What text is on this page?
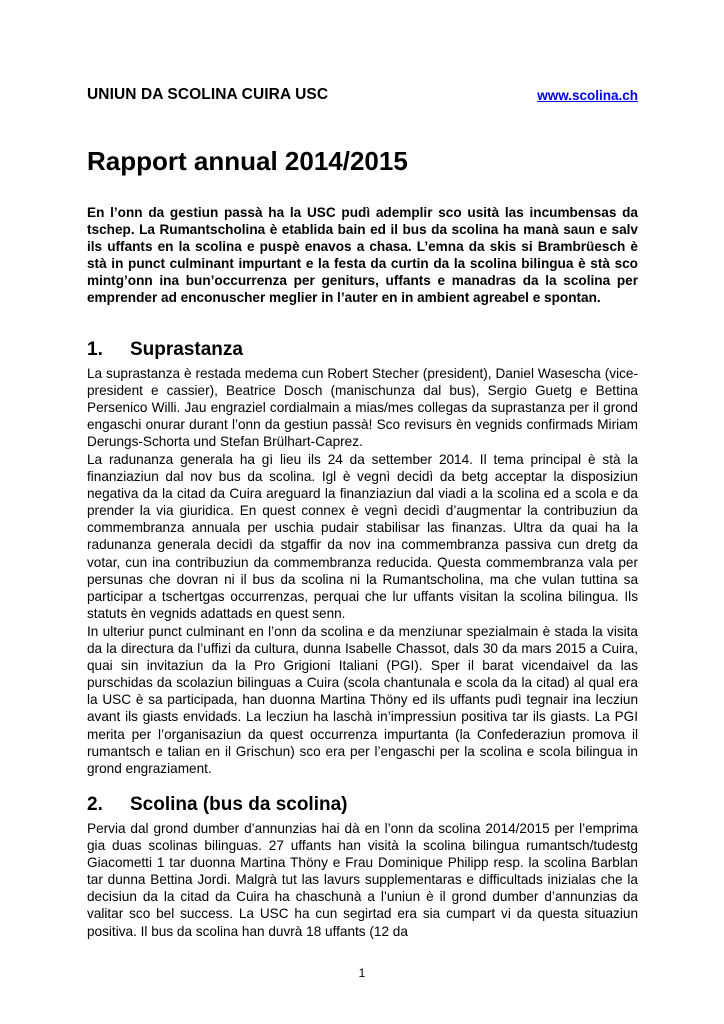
UNIUN DA SCOLINA CUIRA USC	www.scolina.ch
Rapport annual 2014/2015

En l’onn da gestiun passà ha la USC pudì ademplir sco usità las incumbensas da tschep. La Rumantscholina è etablida bain ed il bus da scolina ha manà saun e salv ils uffants en la scolina e puspè enavos a chasa. L’emna da skis si Brambrüesch è stà in punct culminant impurtant e la festa da curtin da la scolina bilingua è stà sco mintg’onn ina bun’occurrenza per geniturs, uffants e manadras da la scolina per emprender ad enconuscher meglier in l’auter en in ambient agreabel e spontan.

1. Suprastanza

La suprastanza è restada medema cun Robert Stecher (president), Daniel Wasescha (vice-president e cassier), Beatrice Dosch (manischunza dal bus), Sergio Guetg e Bettina Persenico Willi. Jau engraziel cordialmain a mias/mes collegas da suprastanza per il grond engaschi onurar durant l’onn da gestiun passà! Sco revisurs èn vegnids confirmads Miriam Derungs-Schorta und Stefan Brülhart-Caprez.

La radunanza generala ha gì lieu ils 24 da settember 2014. Il tema principal è stà la finanziaziun dal nov bus da scolina. Igl è vegnì decidì da betg acceptar la disposiziun negativa da la citad da Cuira areguard la finanziaziun dal viadi a la scolina ed a scola e da prender la via giuridica. En quest connex è vegnì decidì d’augmentar la contribuziun da commembranza annuala per uschia pudair stabilisar las finanzas. Ultra da quai ha la radunanza generala decidì da stgaffir da nov ina commembranza passiva cun dretg da votar, cun ina contribuziun da commembranza reducida. Questa commembranza vala per persunas che dovran ni il bus da scolina ni la Rumantscholina, ma che vulan tuttina sa participar a tschertgas occurrenzas, perquai che lur uffants visitan la scolina bilingua. Ils statuts èn vegnids adattads en quest senn.

In ulteriur punct culminant en l’onn da scolina e da menziunar spezialmain è stada la visita da la directura da l’uffizi da cultura, dunna Isabelle Chassot, dals 30 da mars 2015 a Cuira, quai sin invitaziun da la Pro Grigioni Italiani (PGI). Sper il barat vicendaivel da las purschidas da scolaziun bilinguas a Cuira (scola chantunala e scola da la citad) al qual era la USC è sa participada, han duonna Martina Thöny ed ils uffants pudì tegnair ina lecziun avant ils giasts envidads. La lecziun ha laschà in’impressiun positiva tar ils giasts. La PGI merita per l’organisaziun da quest occurrenza impurtanta (la Confederaziun promova il rumantsch e talian en il Grischun) sco era per l’engaschi per la scolina e scola bilingua in grond engraziament.

2. Scolina (bus da scolina)

Pervia dal grond dumber d’annunzias hai dà en l’onn da scolina 2014/2015 per l’emprima gia duas scolinas bilinguas. 27 uffants han visità la scolina bilingua rumantsch/tudestg Giacometti 1 tar duonna Martina Thöny e Frau Dominique Philipp resp. la scolina Barblan tar dunna Bettina Jordi. Malgrà tut las lavurs supplementaras e difficultads inizialas che la decisiun da la citad da Cuira ha chaschunà a l’uniun è il grond dumber d’annunzias da valitar sco bel success. La USC ha cun segirtad era sia cumpart vi da questa situaziun positiva. Il bus da scolina han duvrà 18 uffants (12 da

1
